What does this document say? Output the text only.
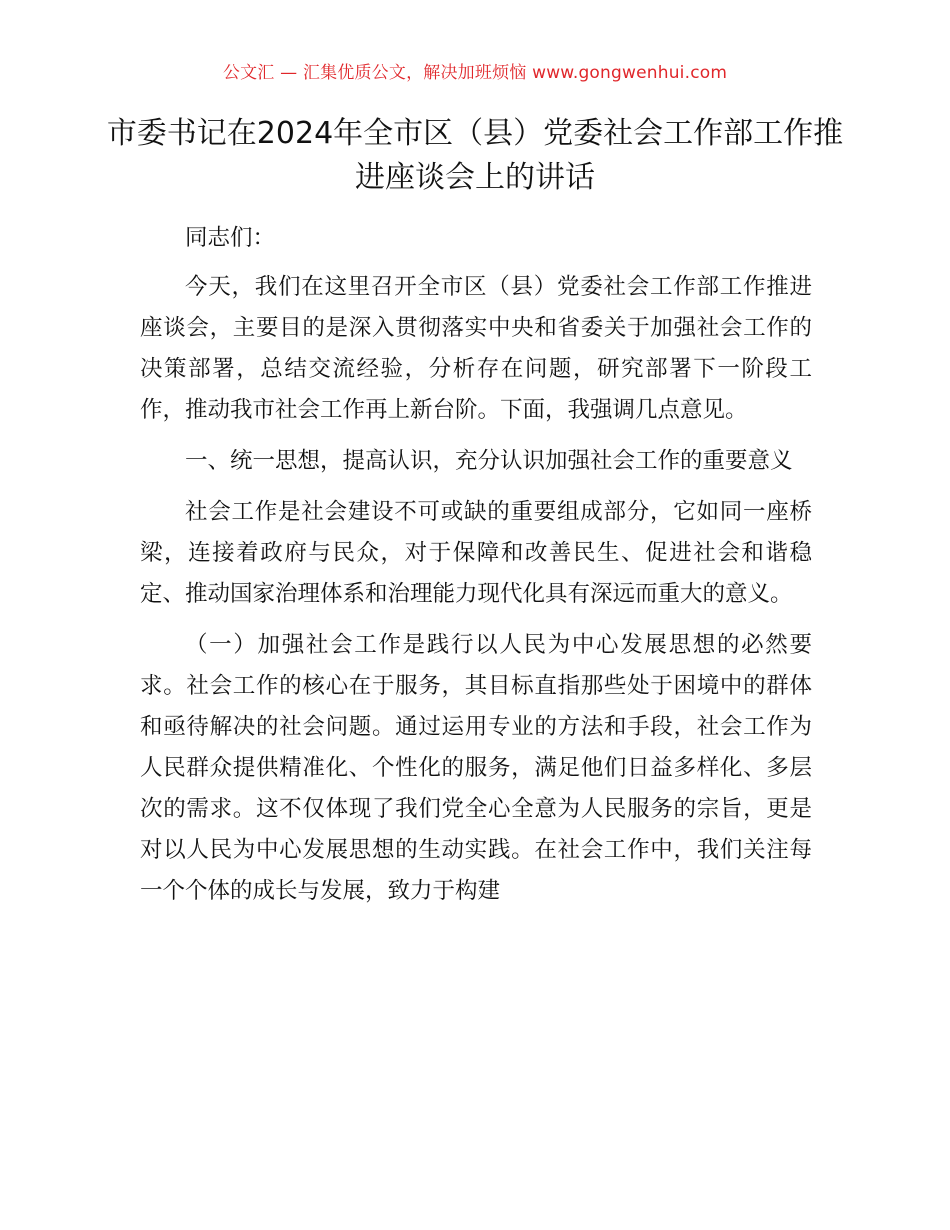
公文汇 — 汇集优质公文，解决加班烦恼 www.gongwenhui.com
市委书记在2024年全市区（县）党委社会工作部工作推进座谈会上的讲话

同志们：

今天，我们在这里召开全市区（县）党委社会工作部工作推进座谈会，主要目的是深入贯彻落实中央和省委关于加强社会工作的决策部署，总结交流经验，分析存在问题，研究部署下一阶段工作，推动我市社会工作再上新台阶。下面，我强调几点意见。

一、统一思想，提高认识，充分认识加强社会工作的重要意义

社会工作是社会建设不可或缺的重要组成部分，它如同一座桥梁，连接着政府与民众，对于保障和改善民生、促进社会和谐稳定、推动国家治理体系和治理能力现代化具有深远而重大的意义。

（一）加强社会工作是践行以人民为中心发展思想的必然要求。社会工作的核心在于服务，其目标直指那些处于困境中的群体和亟待解决的社会问题。通过运用专业的方法和手段，社会工作为人民群众提供精准化、个性化的服务，满足他们日益多样化、多层次的需求。这不仅体现了我们党全心全意为人民服务的宗旨，更是对以人民为中心发展思想的生动实践。在社会工作中，我们关注每一个个体的成长与发展，致力于构建
